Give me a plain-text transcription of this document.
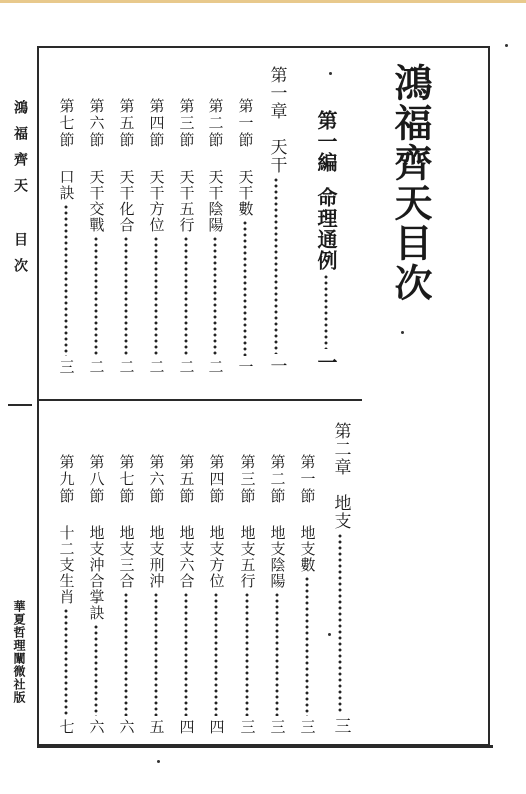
鴻福齊天 目次

華夏哲理闡微社版

鴻福齊天目次
第一編
命理通例
一
第一章
天干
一
第一節
天干數
一
第二節
天干陰陽
二
第三節
天干五行
二
第四節
天干方位
二
第五節
天干化合
二
第六節
天干交戰
二
第七節
口訣
三
第二章
地支
三
第一節
地支數
三
第二節
地支陰陽
三
第三節
地支五行
三
第四節
地支方位
四
第五節
地支六合
四
第六節
地支刑沖
五
第七節
地支三合
六
第八節
地支沖合掌訣
六
第九節
十二支生肖
七
